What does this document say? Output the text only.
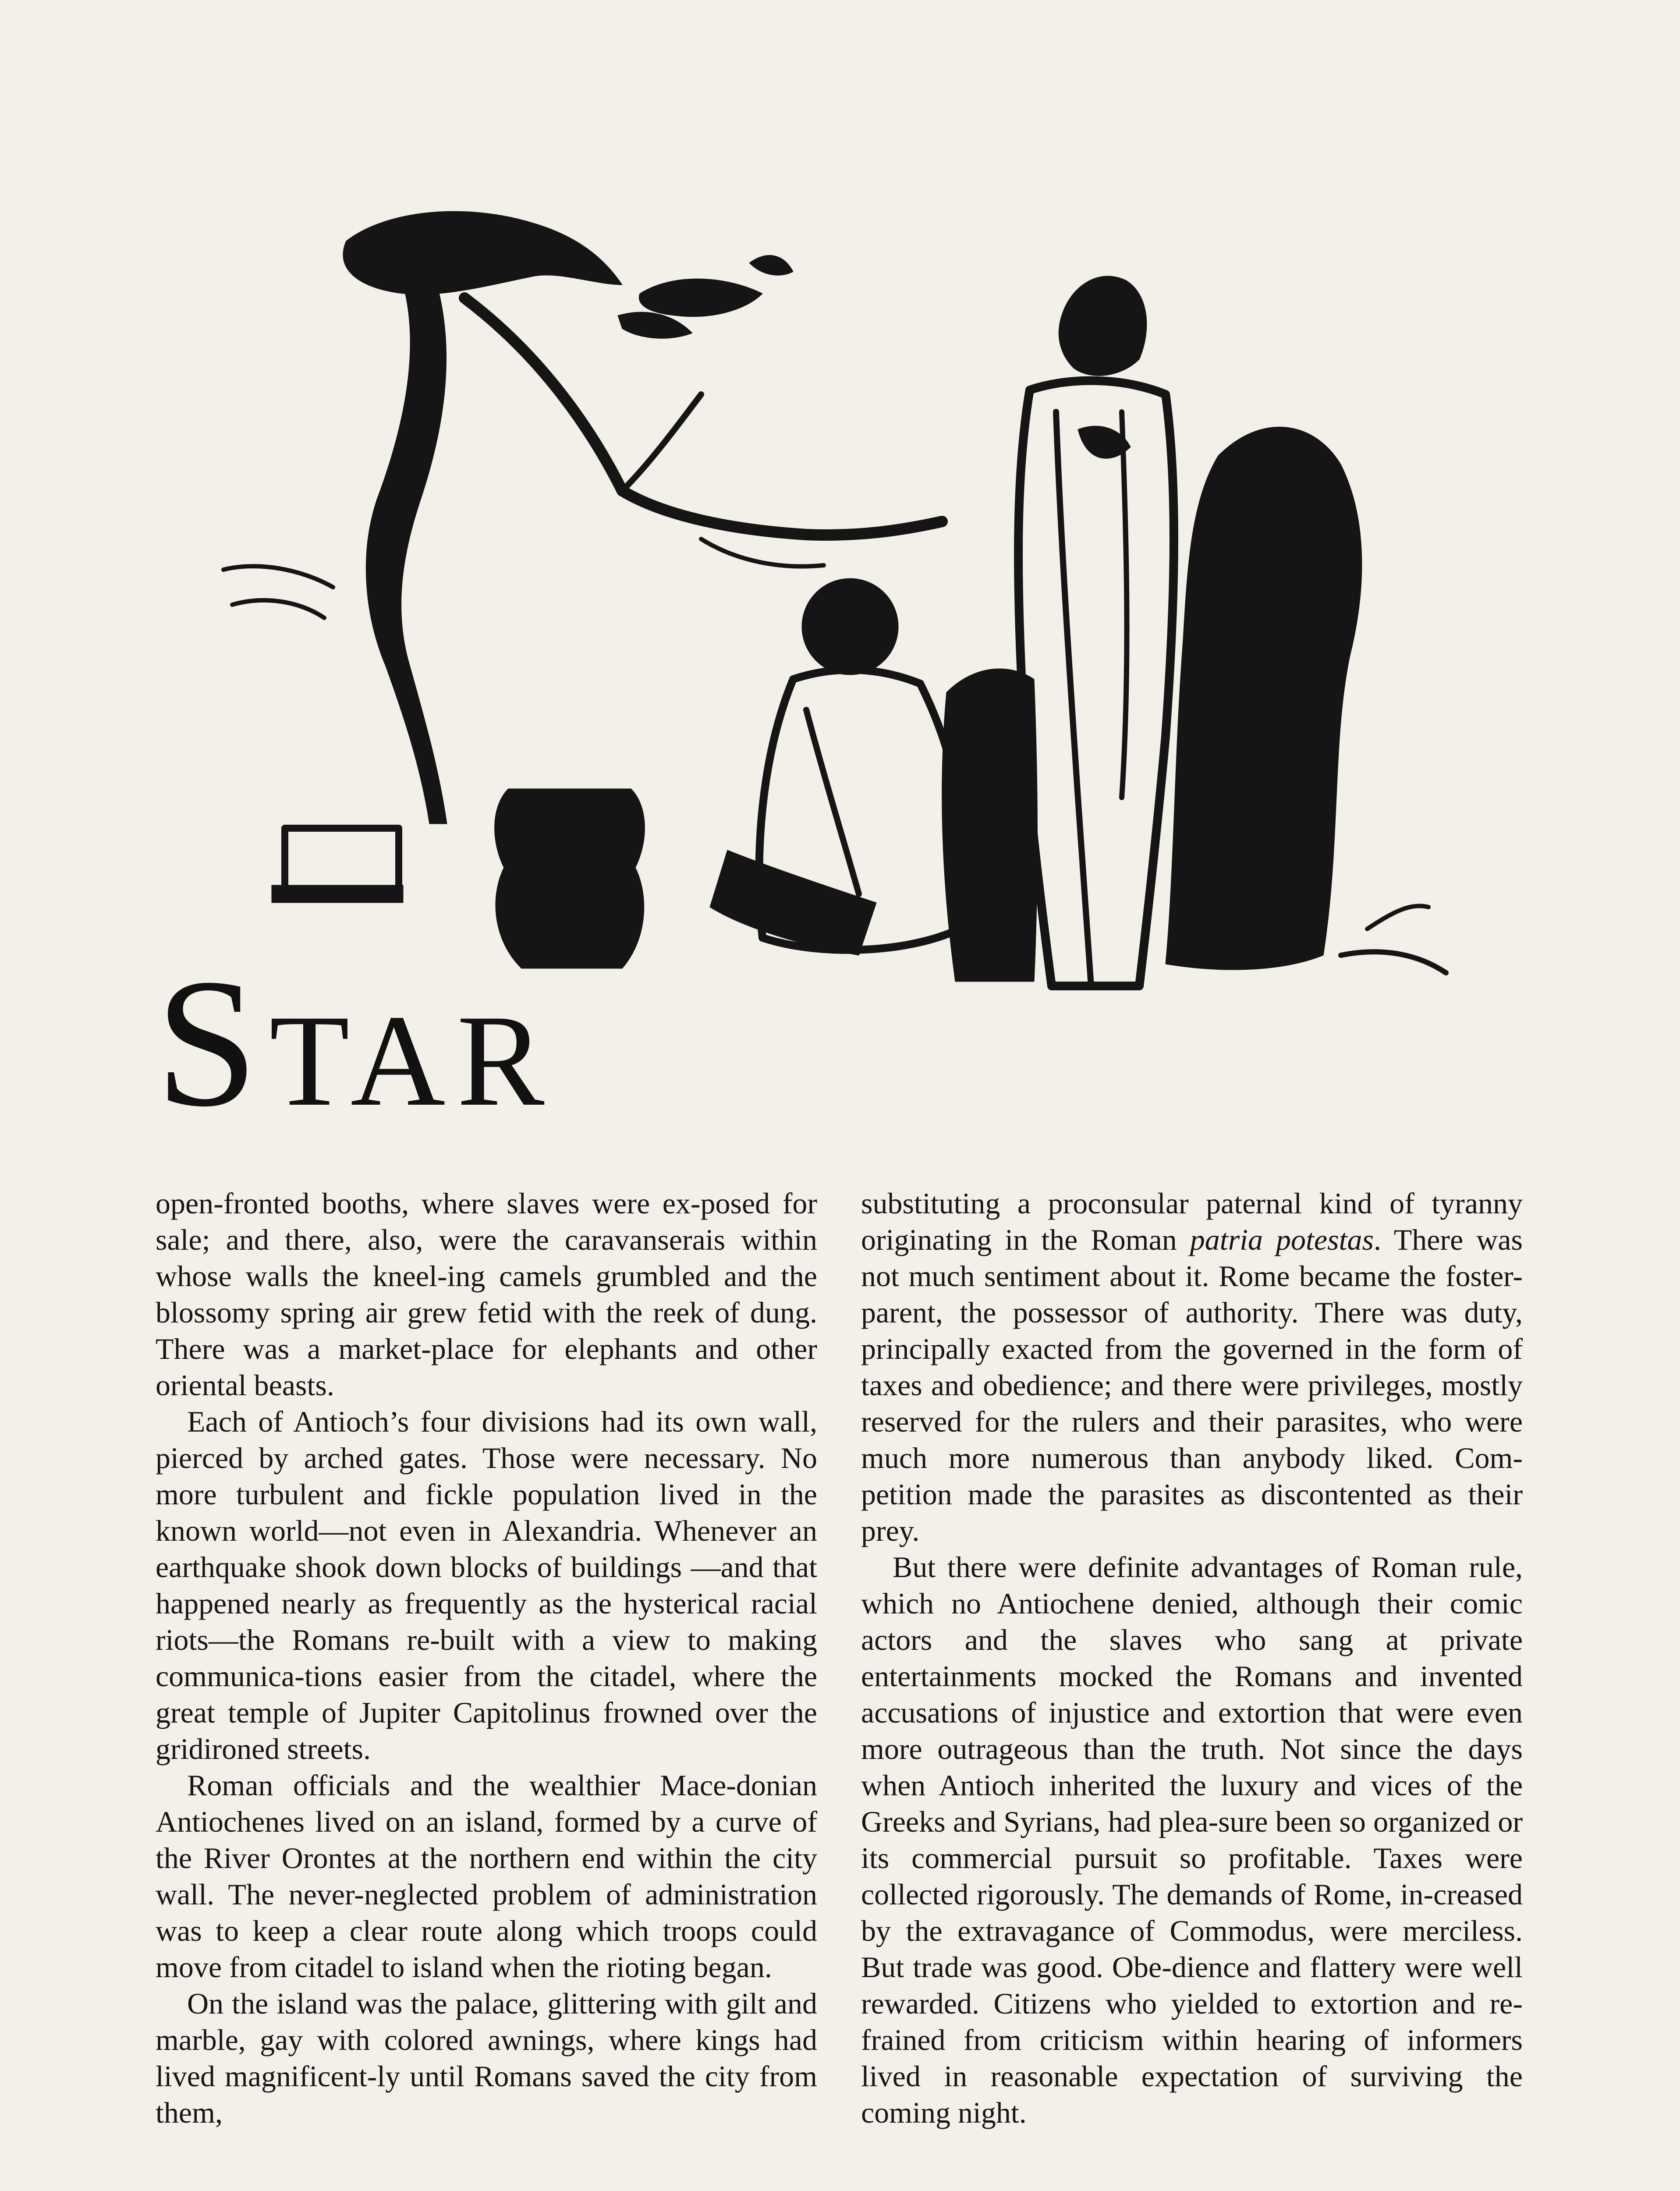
STAR

open-fronted booths, where slaves were ex-posed for sale; and there, also, were the caravanserais within whose walls the kneel-ing camels grumbled and the blossomy spring air grew fetid with the reek of dung. There was a market-place for elephants and other oriental beasts.

Each of Antioch’s four divisions had its own wall, pierced by arched gates. Those were necessary. No more turbulent and fickle population lived in the known world—not even in Alexandria. Whenever an earthquake shook down blocks of buildings —and that happened nearly as frequently as the hysterical racial riots—the Romans re-built with a view to making communica-tions easier from the citadel, where the great temple of Jupiter Capitolinus frowned over the gridironed streets.

Roman officials and the wealthier Mace-donian Antiochenes lived on an island, formed by a curve of the River Orontes at the northern end within the city wall. The never-neglected problem of administration was to keep a clear route along which troops could move from citadel to island when the rioting began.

On the island was the palace, glittering with gilt and marble, gay with colored awnings, where kings had lived magnificent-ly until Romans saved the city from them,

substituting a proconsular paternal kind of tyranny originating in the Roman patria potestas. There was not much sentiment about it. Rome became the foster-parent, the possessor of authority. There was duty, principally exacted from the governed in the form of taxes and obedience; and there were privileges, mostly reserved for the rulers and their parasites, who were much more numerous than anybody liked. Com-petition made the parasites as discontented as their prey.

But there were definite advantages of Roman rule, which no Antiochene denied, although their comic actors and the slaves who sang at private entertainments mocked the Romans and invented accusations of injustice and extortion that were even more outrageous than the truth. Not since the days when Antioch inherited the luxury and vices of the Greeks and Syrians, had plea-sure been so organized or its commercial pursuit so profitable. Taxes were collected rigorously. The demands of Rome, in-creased by the extravagance of Commodus, were merciless. But trade was good. Obe-dience and flattery were well rewarded. Citizens who yielded to extortion and re-frained from criticism within hearing of informers lived in reasonable expectation of surviving the coming night.
